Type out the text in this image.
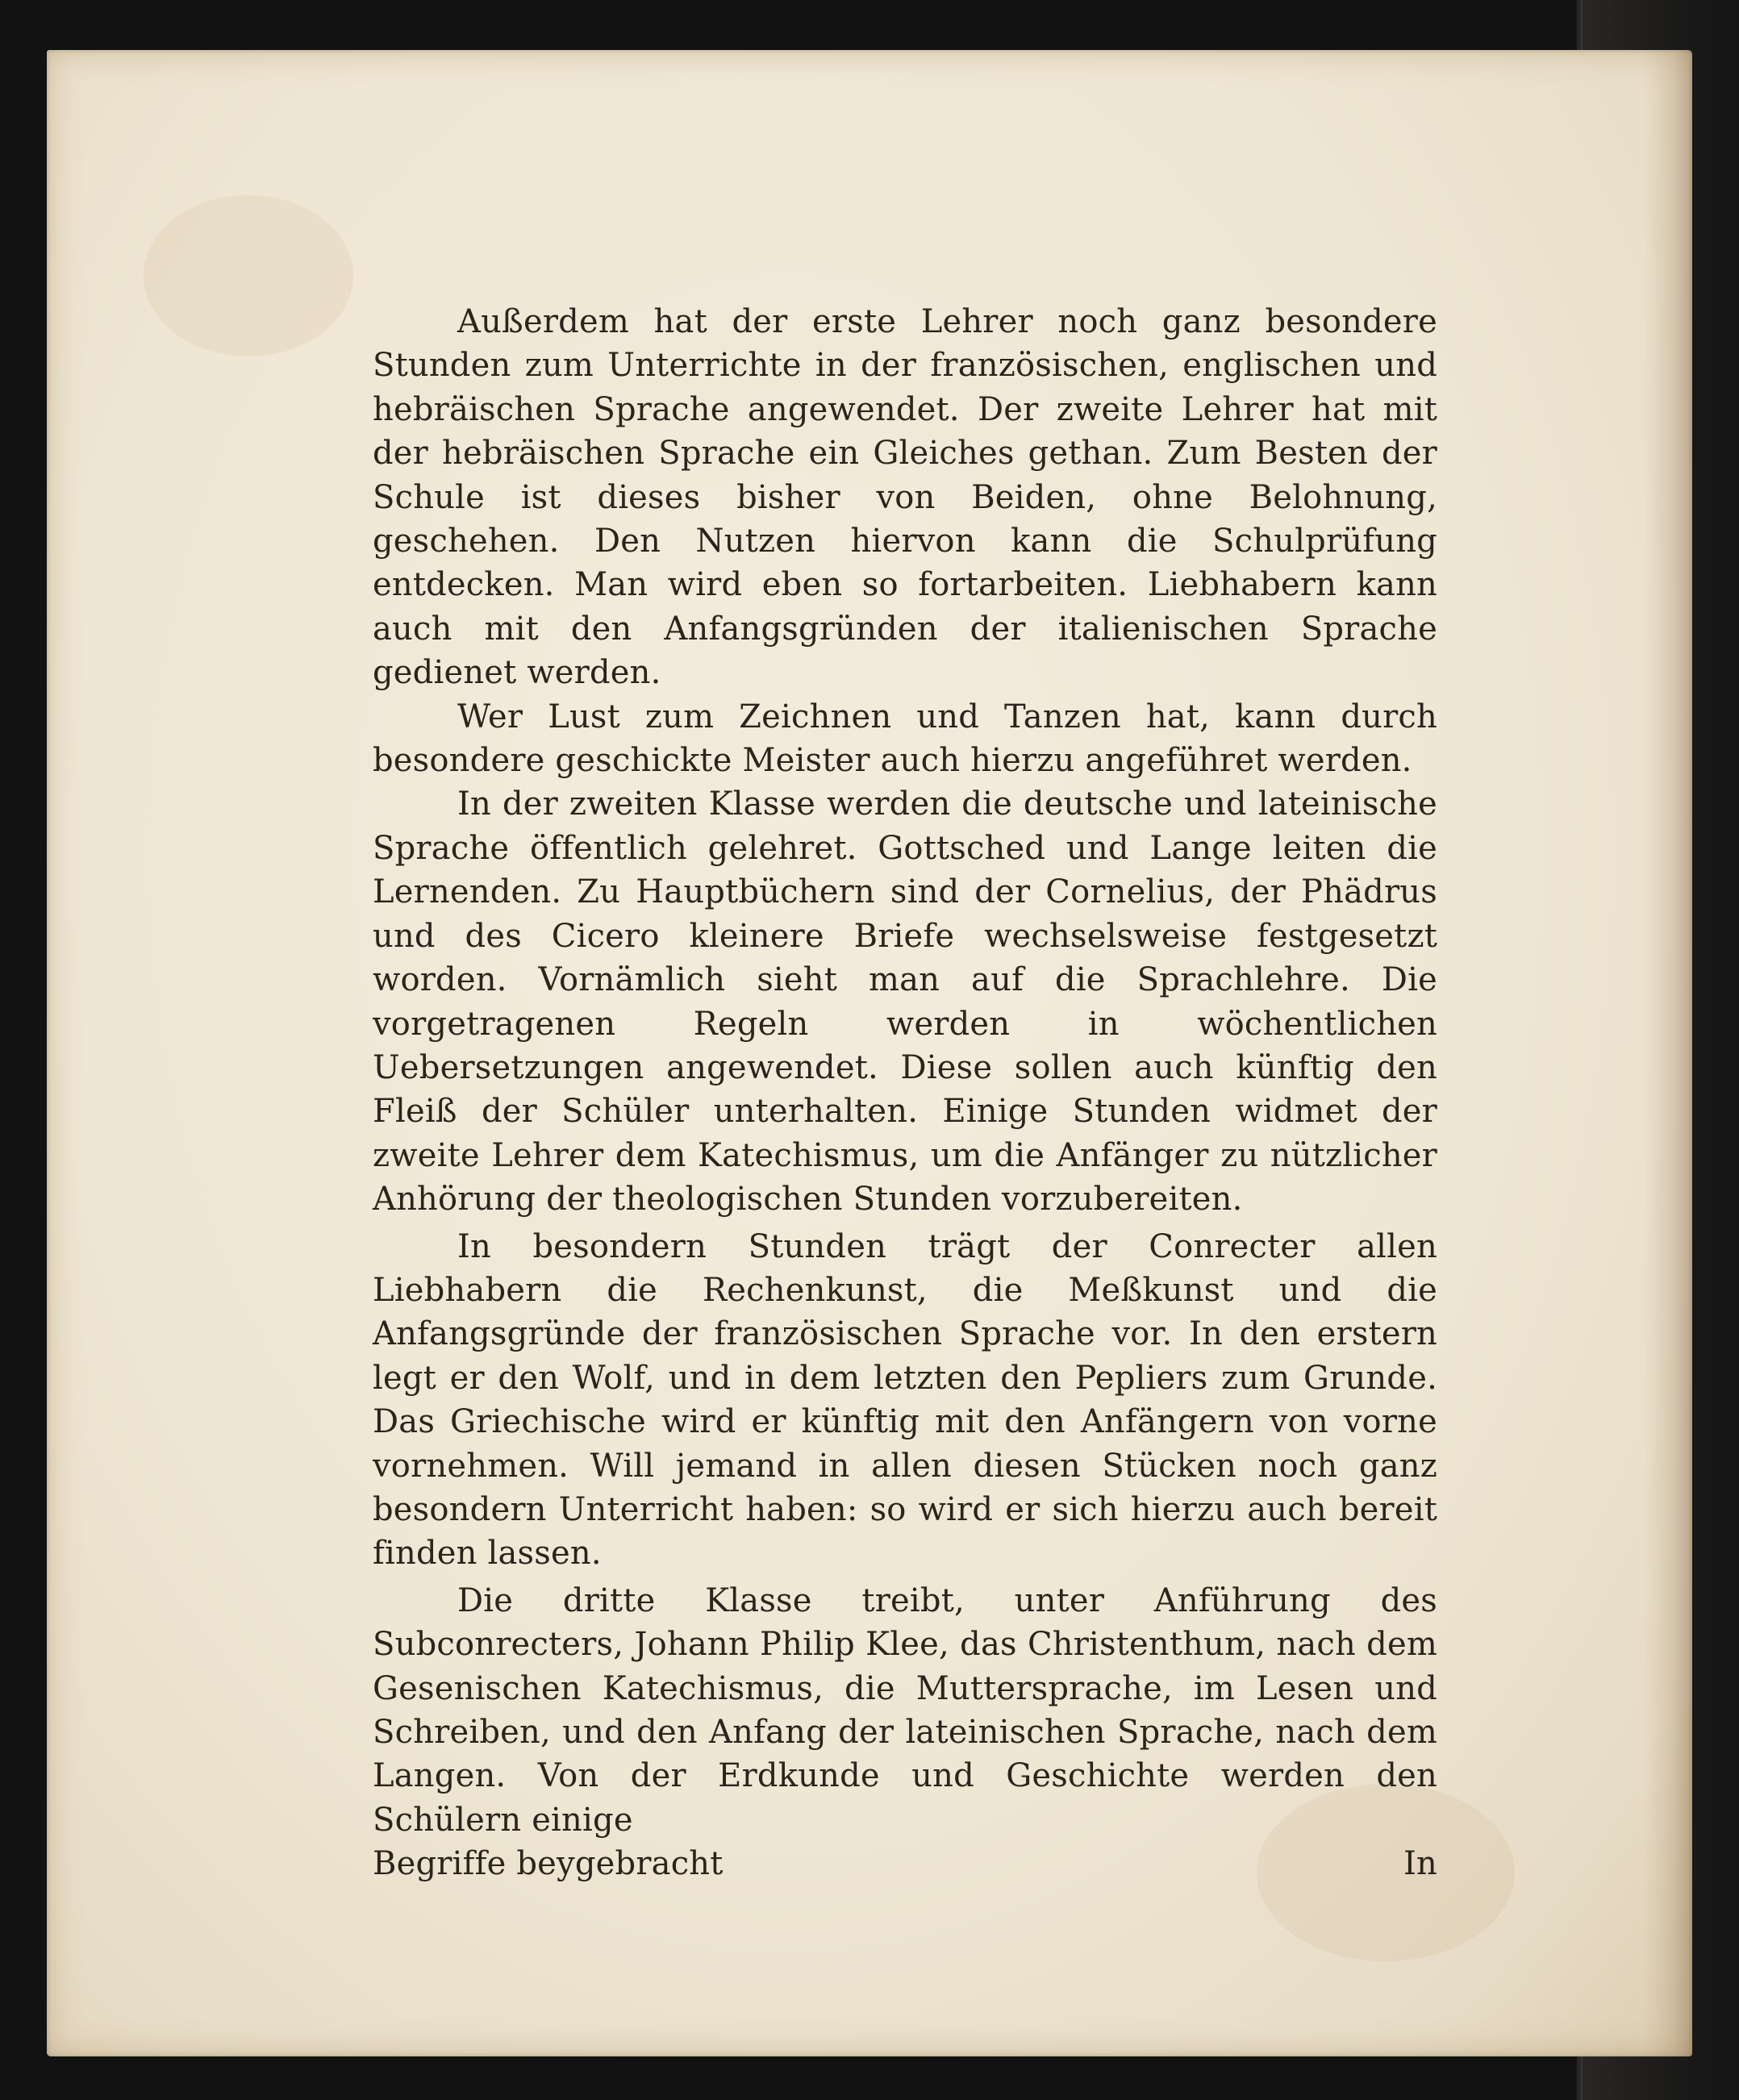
Außerdem hat der erste Lehrer noch ganz besondere Stunden zum Unterrichte in der französischen, englischen und hebräischen Sprache angewendet. Der zweite Lehrer hat mit der hebräischen Sprache ein Gleiches gethan. Zum Besten der Schule ist dieses bisher von Beiden, ohne Belohnung, geschehen. Den Nutzen hiervon kann die Schulprüfung entdecken. Man wird eben so fortarbeiten. Liebhabern kann auch mit den Anfangsgründen der italienischen Sprache gedienet werden.

Wer Lust zum Zeichnen und Tanzen hat, kann durch besondere geschickte Meister auch hierzu angeführet werden.

In der zweiten Klasse werden die deutsche und lateinische Sprache öffentlich gelehret. Gottsched und Lange leiten die Lernenden. Zu Hauptbüchern sind der Cornelius, der Phädrus und des Cicero kleinere Briefe wechselsweise festgesetzt worden. Vornämlich sieht man auf die Sprachlehre. Die vorgetragenen Regeln werden in wöchentlichen Uebersetzungen angewendet. Diese sollen auch künftig den Fleiß der Schüler unterhalten. Einige Stunden widmet der zweite Lehrer dem Katechismus, um die Anfänger zu nützlicher Anhörung der theologischen Stunden vorzubereiten.

In besondern Stunden trägt der Conrecter allen Liebhabern die Rechenkunst, die Meßkunst und die Anfangsgründe der französischen Sprache vor. In den erstern legt er den Wolf, und in dem letzten den Pepliers zum Grunde. Das Griechische wird er künftig mit den Anfängern von vorne vornehmen. Will jemand in allen diesen Stücken noch ganz besondern Unterricht haben: so wird er sich hierzu auch bereit finden lassen.

Die dritte Klasse treibt, unter Anführung des Subconrecters, Johann Philip Klee, das Christenthum, nach dem Gesenischen Katechismus, die Muttersprache, im Lesen und Schreiben, und den Anfang der lateinischen Sprache, nach dem Langen. Von der Erdkunde und Geschichte werden den Schülern einige

Begriffe beygebracht	In
